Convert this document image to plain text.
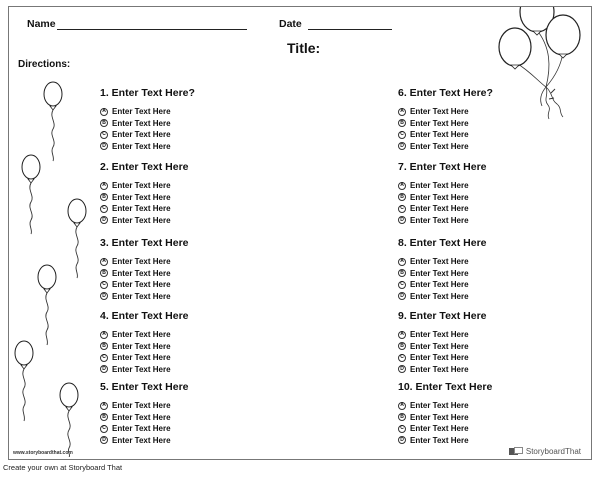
Name	Date
Title:
Directions:
1. Enter Text Here?
A Enter Text Here
B Enter Text Here
C Enter Text Here
D Enter Text Here
2. Enter Text Here
A Enter Text Here
B Enter Text Here
C Enter Text Here
D Enter Text Here
3. Enter Text Here
A Enter Text Here
B Enter Text Here
C Enter Text Here
D Enter Text Here
4. Enter Text Here
A Enter Text Here
B Enter Text Here
C Enter Text Here
D Enter Text Here
5. Enter Text Here
A Enter Text Here
B Enter Text Here
C Enter Text Here
D Enter Text Here
6. Enter Text Here?
A Enter Text Here
B Enter Text Here
C Enter Text Here
D Enter Text Here
7. Enter Text Here
A Enter Text Here
B Enter Text Here
C Enter Text Here
D Enter Text Here
8. Enter Text Here
A Enter Text Here
B Enter Text Here
C Enter Text Here
D Enter Text Here
9. Enter Text Here
A Enter Text Here
B Enter Text Here
C Enter Text Here
D Enter Text Here
10. Enter Text Here
A Enter Text Here
B Enter Text Here
C Enter Text Here
D Enter Text Here
www.storyboardthat.com	StoryboardThat
Create your own at Storyboard That
